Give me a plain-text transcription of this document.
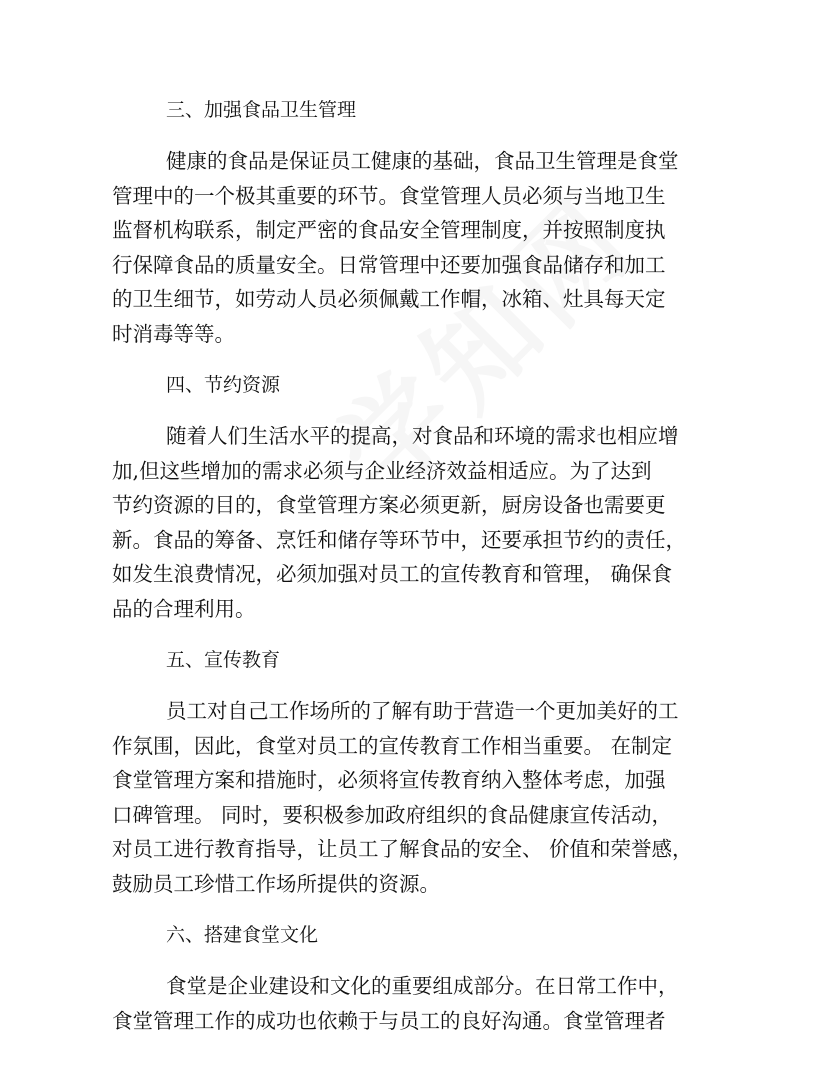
三、加强食品卫生管理
健康的食品是保证员工健康的基础，食品卫生管理是食堂
管理中的一个极其重要的环节。食堂管理人员必须与当地卫生
监督机构联系，制定严密的食品安全管理制度，并按照制度执
行保障食品的质量安全。日常管理中还要加强食品储存和加工
的卫生细节，如劳动人员必须佩戴工作帽，冰箱、灶具每天定
时消毒等等。
四、节约资源
随着人们生活水平的提高，对食品和环境的需求也相应增
加,但这些增加的需求必须与企业经济效益相适应。为了达到
节约资源的目的，食堂管理方案必须更新，厨房设备也需要更
新。食品的筹备、烹饪和储存等环节中，还要承担节约的责任，
如发生浪费情况，必须加强对员工的宣传教育和管理， 确保食
品的合理利用。
五、宣传教育
员工对自己工作场所的了解有助于营造一个更加美好的工
作氛围，因此，食堂对员工的宣传教育工作相当重要。 在制定
食堂管理方案和措施时，必须将宣传教育纳入整体考虑，加强
口碑管理。 同时，要积极参加政府组织的食品健康宣传活动，
对员工进行教育指导，让员工了解食品的安全、 价值和荣誉感，
鼓励员工珍惜工作场所提供的资源。
六、搭建食堂文化
食堂是企业建设和文化的重要组成部分。在日常工作中，
食堂管理工作的成功也依赖于与员工的良好沟通。食堂管理者
